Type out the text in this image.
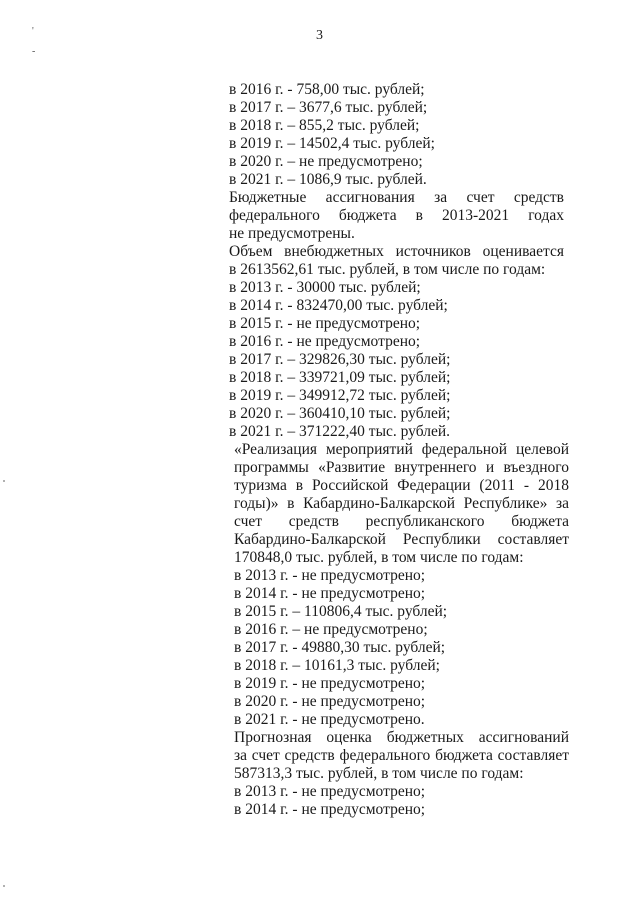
3
'
-
в 2016 г. - 758,00 тыс. рублей;
в 2017 г. – 3677,6 тыс. рублей;
в 2018 г. – 855,2 тыс. рублей;
в 2019 г. – 14502,4 тыс. рублей;
в 2020 г. – не предусмотрено;
в 2021 г. – 1086,9 тыс. рублей.
Бюджетные ассигнования за счет средств
федерального бюджета в 2013-2021 годах
не предусмотрены.
Объем внебюджетных источников оценивается
в 2613562,61 тыс. рублей, в том числе по годам:
в 2013 г. - 30000 тыс. рублей;
в 2014 г. - 832470,00 тыс. рублей;
в 2015 г. - не предусмотрено;
в 2016 г. - не предусмотрено;
в 2017 г. – 329826,30 тыс. рублей;
в 2018 г. – 339721,09 тыс. рублей;
в 2019 г. – 349912,72 тыс. рублей;
в 2020 г. – 360410,10 тыс. рублей;
в 2021 г. – 371222,40 тыс. рублей.
«Реализация мероприятий федеральной целевой
программы «Развитие внутреннего и въездного
туризма в Российской Федерации (2011 - 2018
годы)» в Кабардино-Балкарской Республике» за
счет средств республиканского бюджета
Кабардино-Балкарской Республики составляет
170848,0 тыс. рублей, в том числе по годам:
в 2013 г. - не предусмотрено;
в 2014 г. - не предусмотрено;
в 2015 г. – 110806,4 тыс. рублей;
в 2016 г. – не предусмотрено;
в 2017 г. - 49880,30 тыс. рублей;
в 2018 г. – 10161,3 тыс. рублей;
в 2019 г. - не предусмотрено;
в 2020 г. - не предусмотрено;
в 2021 г. - не предусмотрено.
Прогнозная оценка бюджетных ассигнований
за счет средств федерального бюджета составляет
587313,3 тыс. рублей, в том числе по годам:
в 2013 г. - не предусмотрено;
в 2014 г. - не предусмотрено;
